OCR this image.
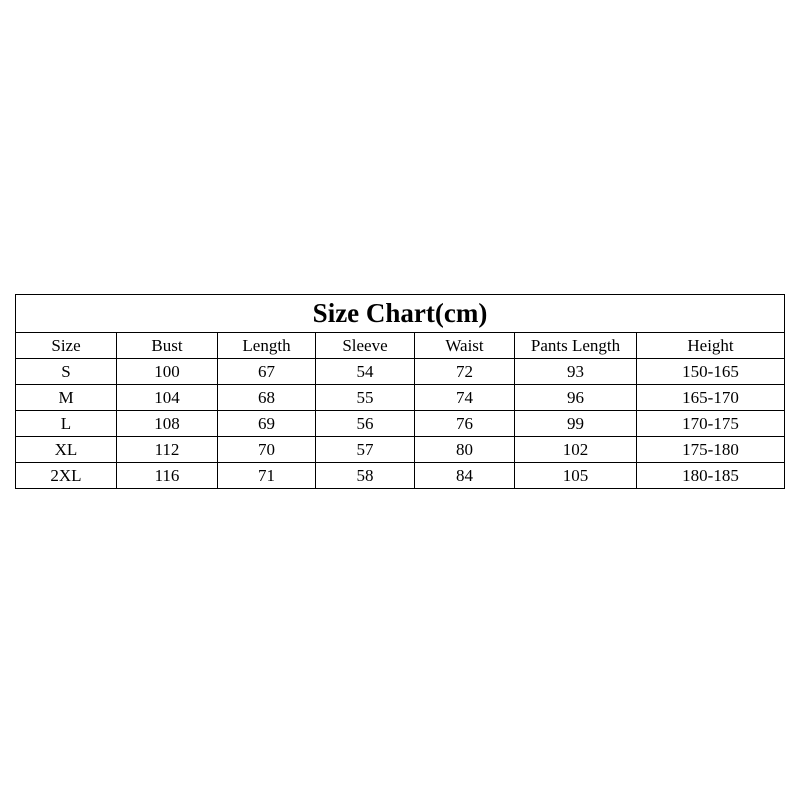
Size Chart(cm)						
Size	Bust	Length	Sleeve	Waist	Pants Length	Height
S	100	67	54	72	93	150-165
M	104	68	55	74	96	165-170
L	108	69	56	76	99	170-175
XL	112	70	57	80	102	175-180
2XL	116	71	58	84	105	180-185
